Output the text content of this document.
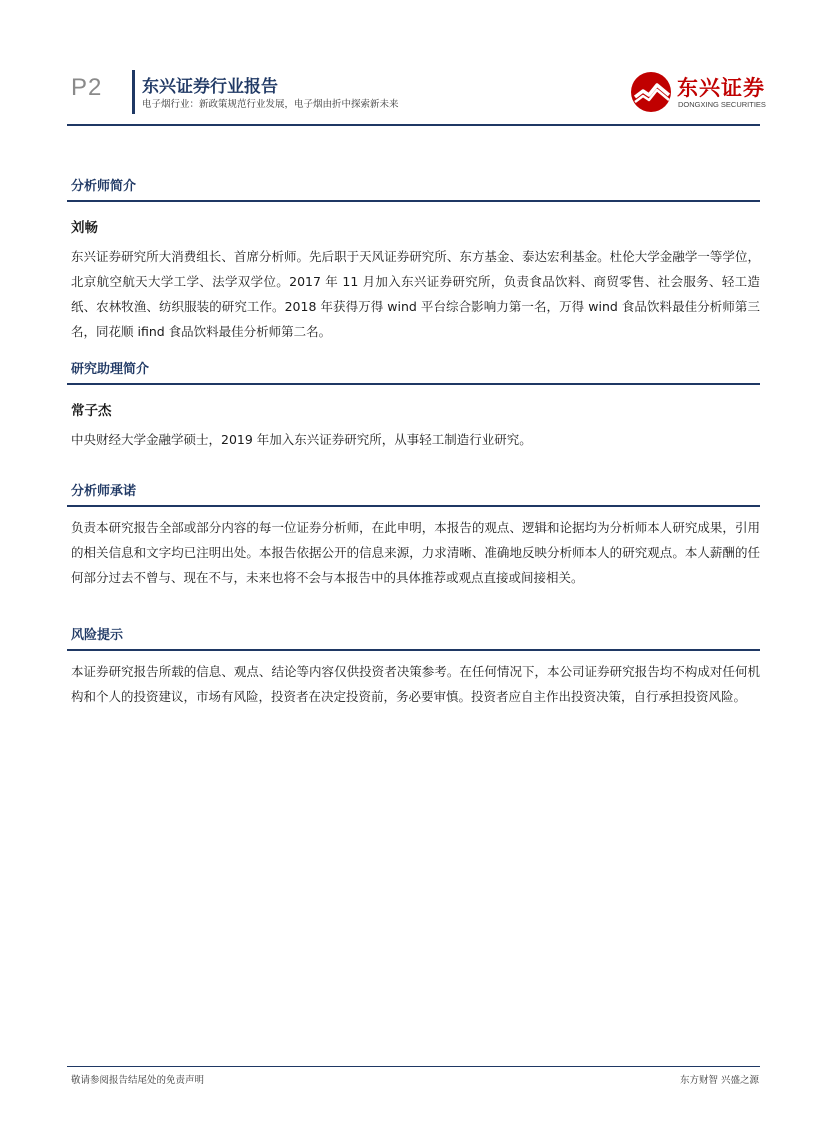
P2 东兴证券行业报告
电子烟行业：新政策规范行业发展，电子烟由折中探索新未来
东兴证券
DONGXING SECURITIES
分析师简介
刘畅
东兴证券研究所大消费组长、首席分析师。先后职于天风证券研究所、东方基金、泰达宏利基金。杜伦大学金融学一等学位，北京航空航天大学工学、法学双学位。2017 年 11 月加入东兴证券研究所，负责食品饮料、商贸零售、社会服务、轻工造纸、农林牧渔、纺织服装的研究工作。2018 年获得万得 wind 平台综合影响力第一名，万得 wind 食品饮料最佳分析师第三名，同花顺 ifind 食品饮料最佳分析师第二名。
研究助理简介
常子杰
中央财经大学金融学硕士，2019 年加入东兴证券研究所，从事轻工制造行业研究。
分析师承诺
负责本研究报告全部或部分内容的每一位证券分析师，在此申明，本报告的观点、逻辑和论据均为分析师本人研究成果，引用的相关信息和文字均已注明出处。本报告依据公开的信息来源，力求清晰、准确地反映分析师本人的研究观点。本人薪酬的任何部分过去不曾与、现在不与，未来也将不会与本报告中的具体推荐或观点直接或间接相关。
风险提示
本证券研究报告所载的信息、观点、结论等内容仅供投资者决策参考。在任何情况下，本公司证券研究报告均不构成对任何机构和个人的投资建议，市场有风险，投资者在决定投资前，务必要审慎。投资者应自主作出投资决策，自行承担投资风险。
敬请参阅报告结尾处的免责声明	东方财智 兴盛之源
